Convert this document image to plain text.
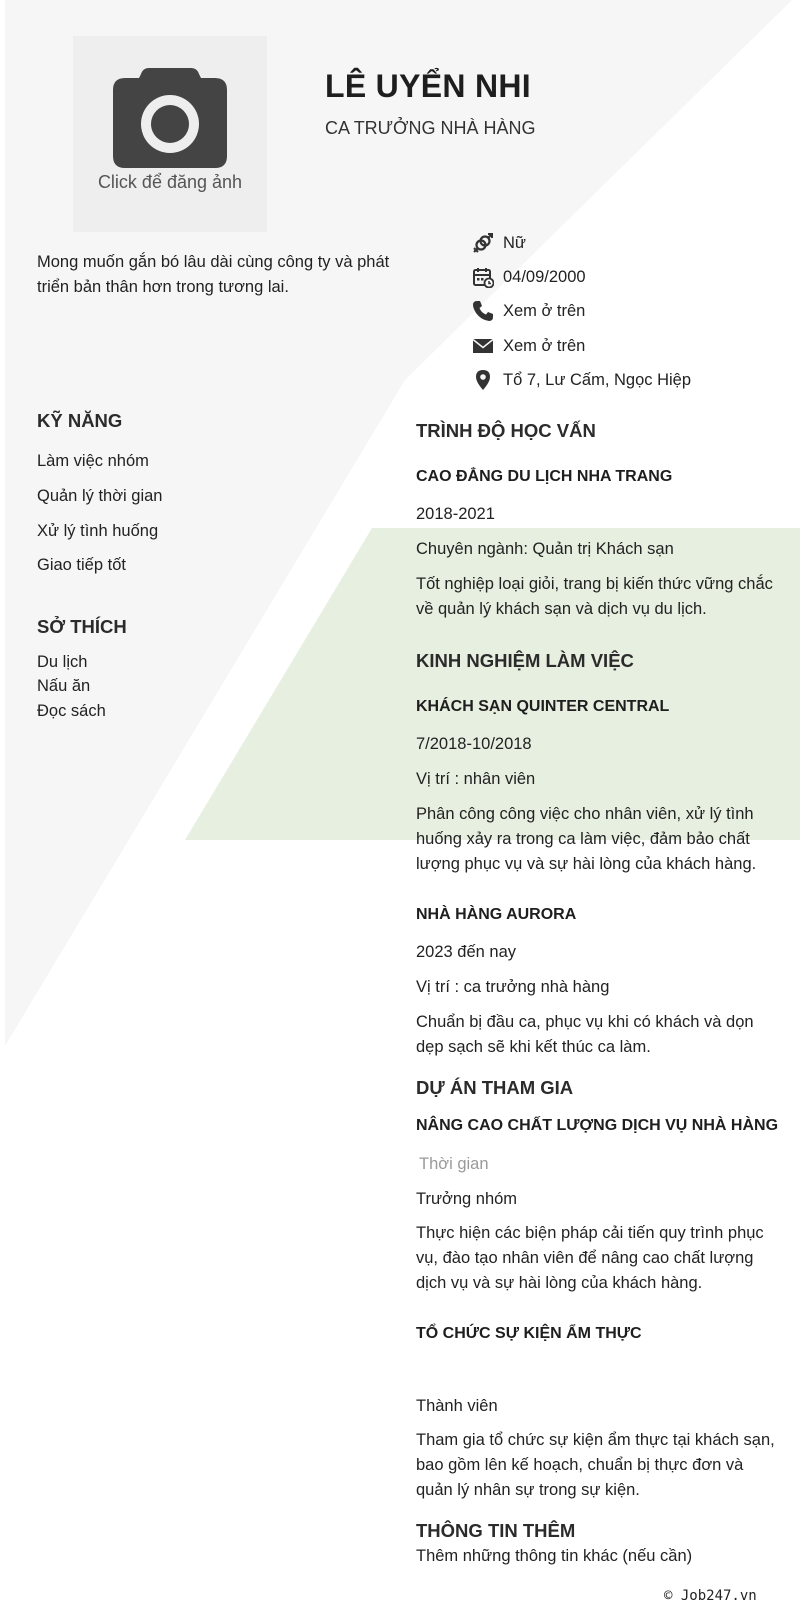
Click để đăng ảnh
LÊ UYỂN NHI
CA TRƯỞNG NHÀ HÀNG
Mong muốn gắn bó lâu dài cùng công ty và phát triển bản thân hơn trong tương lai.
Nữ
04/09/2000
Xem ở trên
Xem ở trên
Tổ 7, Lư Cấm, Ngọc Hiệp
KỸ NĂNG
Làm việc nhóm
Quản lý thời gian
Xử lý tình huống
Giao tiếp tốt
SỞ THÍCH
Du lịch
Nấu ăn
Đọc sách
TRÌNH ĐỘ HỌC VẤN
CAO ĐẲNG DU LỊCH NHA TRANG
2018-2021
Chuyên ngành: Quản trị Khách sạn
Tốt nghiệp loại giỏi, trang bị kiến thức vững chắc về quản lý khách sạn và dịch vụ du lịch.
KINH NGHIỆM LÀM VIỆC
KHÁCH SẠN QUINTER CENTRAL
7/2018-10/2018
Vị trí : nhân viên
Phân công công việc cho nhân viên, xử lý tình huống xảy ra trong ca làm việc, đảm bảo chất lượng phục vụ và sự hài lòng của khách hàng.
NHÀ HÀNG AURORA
2023 đến nay
Vị trí : ca trưởng nhà hàng
Chuẩn bị đầu ca, phục vụ khi có khách và dọn dẹp sạch sẽ khi kết thúc ca làm.
DỰ ÁN THAM GIA
NÂNG CAO CHẤT LƯỢNG DỊCH VỤ NHÀ HÀNG
Thời gian
Trưởng nhóm
Thực hiện các biện pháp cải tiến quy trình phục vụ, đào tạo nhân viên để nâng cao chất lượng dịch vụ và sự hài lòng của khách hàng.
TỔ CHỨC SỰ KIỆN ẨM THỰC
Thành viên
Tham gia tổ chức sự kiện ẩm thực tại khách sạn, bao gồm lên kế hoạch, chuẩn bị thực đơn và quản lý nhân sự trong sự kiện.
THÔNG TIN THÊM
Thêm những thông tin khác (nếu cần)
© Job247.vn
